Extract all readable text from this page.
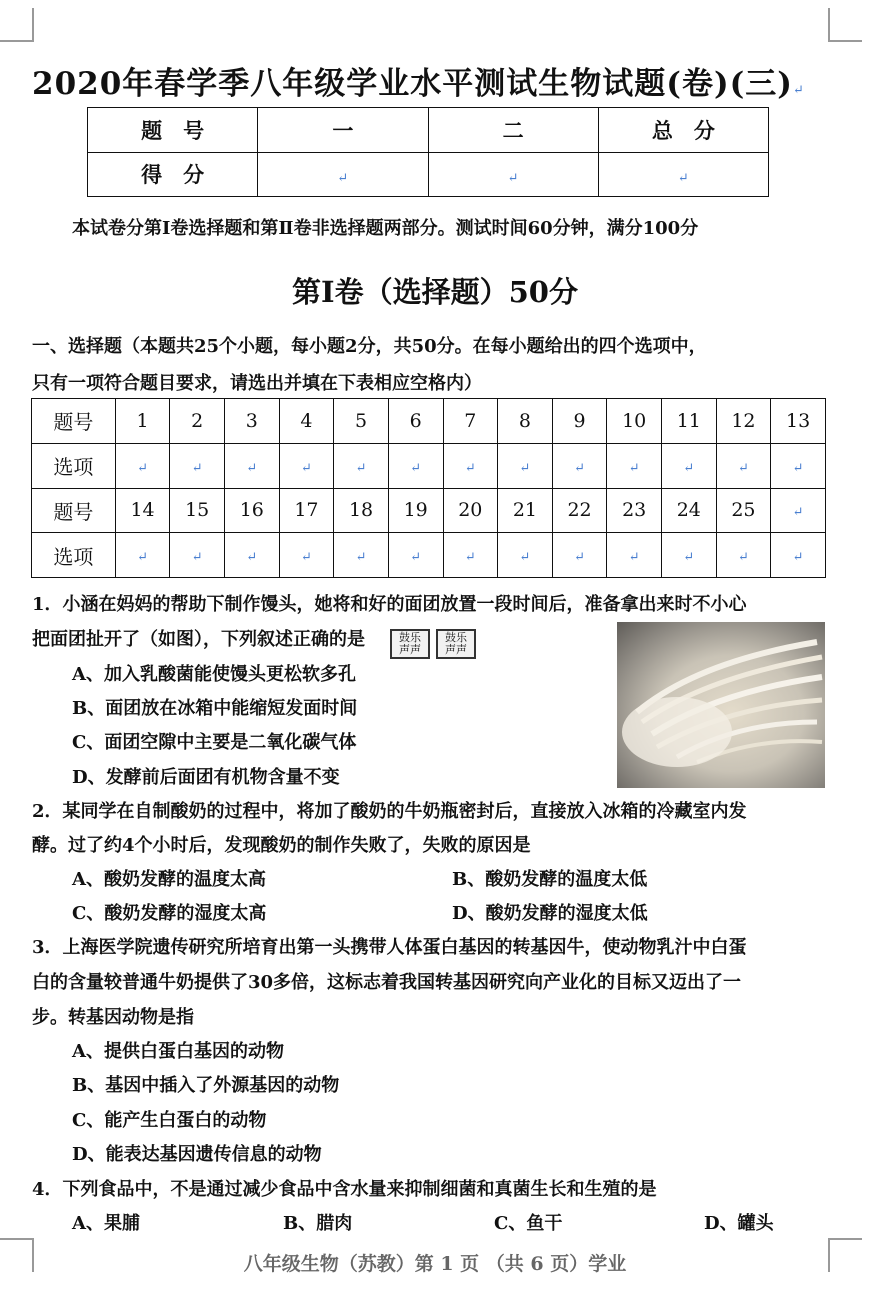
2020年春学季八年级学业水平测试生物试题(卷)(三)↵
题　号	一	二	总　分
得　分	↵	↵	↵
本试卷分第Ⅰ卷选择题和第Ⅱ卷非选择题两部分。测试时间60分钟，满分100分
第Ⅰ卷（选择题）50分
一、选择题（本题共25个小题，每小题2分，共50分。在每小题给出的四个选项中，
只有一项符合题目要求，请选出并填在下表相应空格内）
题号	1	2	3	4	5	6	7	8	9	10	11	12	13
选项	↵	↵	↵	↵	↵	↵	↵	↵	↵	↵	↵	↵	↵
题号	14	15	16	17	18	19	20	21	22	23	24	25	↵
选项	↵	↵	↵	↵	↵	↵	↵	↵	↵	↵	↵	↵	↵
1．小涵在妈妈的帮助下制作馒头，她将和好的面团放置一段时间后，准备拿出来时不小心
把面团扯开了（如图），下列叙述正确的是	鼓乐
声声
鼓乐
声声
A、加入乳酸菌能使馒头更松软多孔
B、面团放在冰箱中能缩短发面时间
C、面团空隙中主要是二氧化碳气体
D、发酵前后面团有机物含量不变
2．某同学在自制酸奶的过程中，将加了酸奶的牛奶瓶密封后，直接放入冰箱的冷藏室内发
酵。过了约4个小时后，发现酸奶的制作失败了，失败的原因是
A、酸奶发酵的温度太高	B、酸奶发酵的温度太低
C、酸奶发酵的湿度太高	D、酸奶发酵的湿度太低
3．上海医学院遗传研究所培育出第一头携带人体蛋白基因的转基因牛，使动物乳汁中白蛋
白的含量较普通牛奶提供了30多倍，这标志着我国转基因研究向产业化的目标又迈出了一
步。转基因动物是指
A、提供白蛋白基因的动物
B、基因中插入了外源基因的动物
C、能产生白蛋白的动物
D、能表达基因遗传信息的动物
4．下列食品中，不是通过减少食品中含水量来抑制细菌和真菌生长和生殖的是
A、果脯	B、腊肉	C、鱼干	D、罐头
八年级生物（苏教）第 1 页 （共 6 页）学业
